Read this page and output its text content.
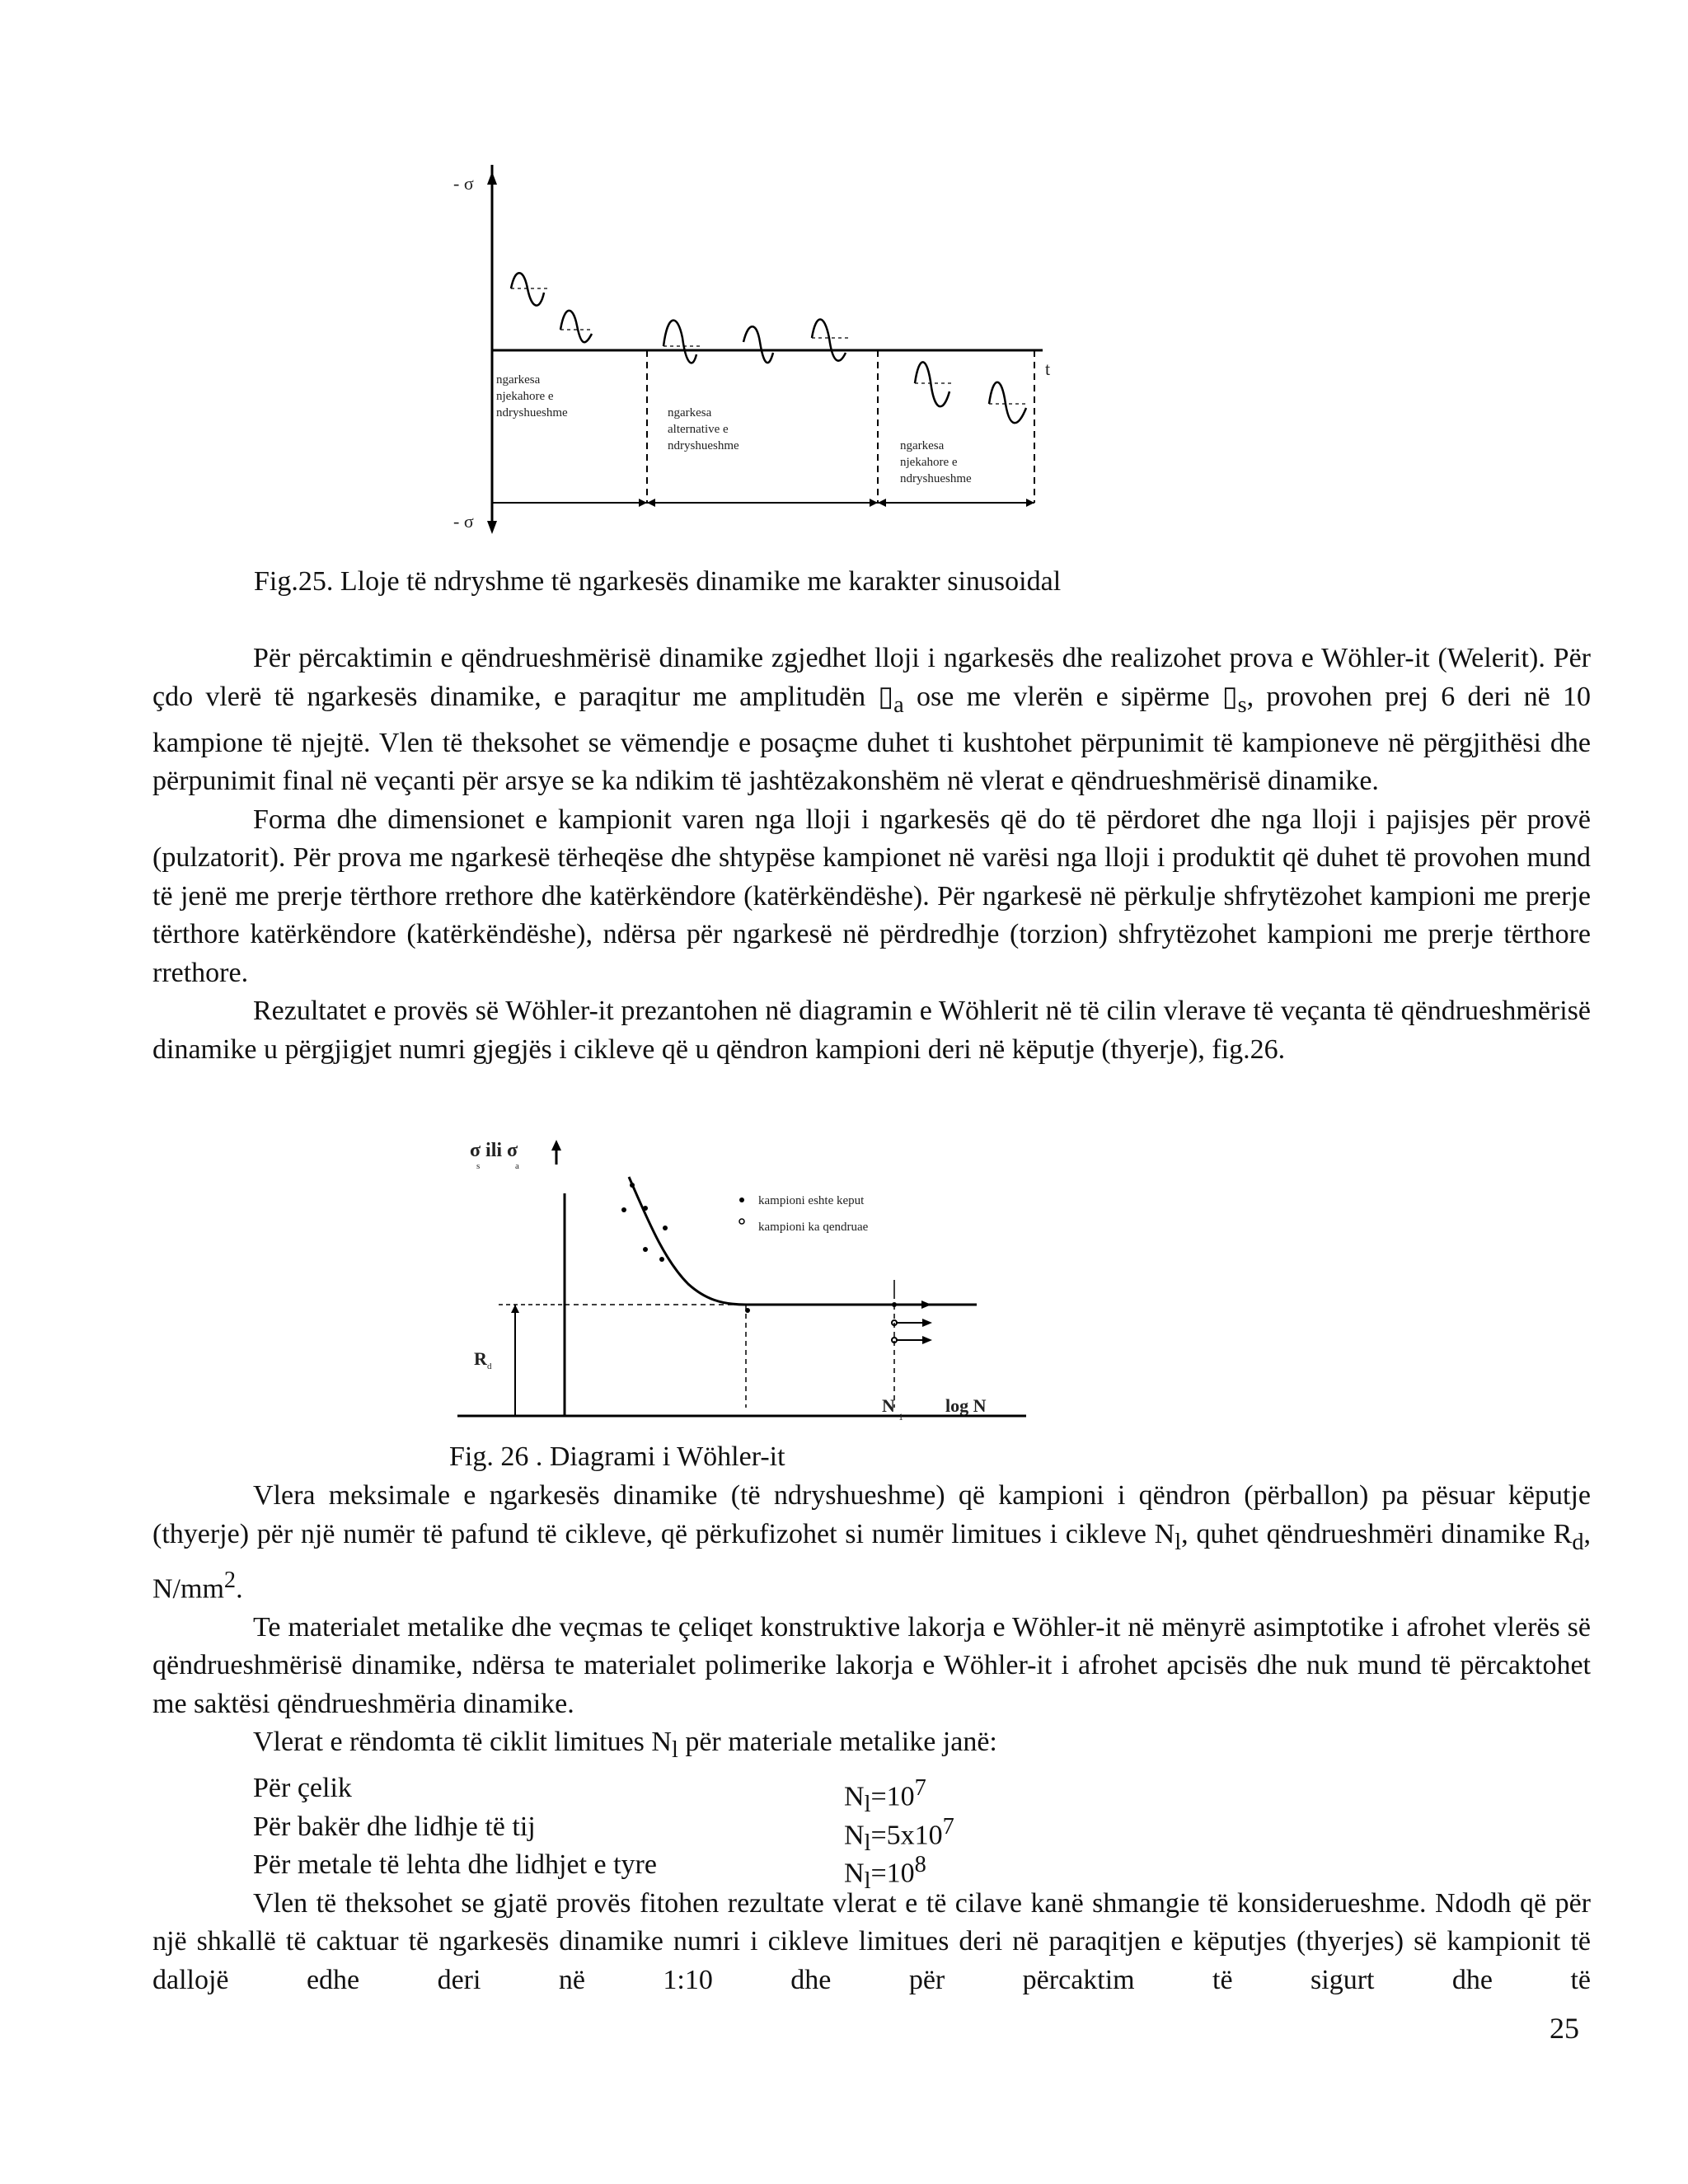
- σ
- σ
t
ngarkesa
njekahore e
ndryshueshme	ngarkesa
alternative e
ndryshueshme	ngarkesa
njekahore e
ndryshueshme
Fig.25. Lloje të ndryshme të ngarkesës dinamike me karakter sinusoidal

Për përcaktimin e qëndrueshmërisë dinamike zgjedhet lloji i ngarkesës dhe realizohet prova e Wöhler-it (Welerit). Për çdo vlerë të ngarkesës dinamike, e paraqitur me amplitudën $▯_a$ ose me vlerën e sipërme $▯_s$, provohen prej 6 deri në 10 kampione të njejtë. Vlen të theksohet se vëmendje e posaçme duhet ti kushtohet përpunimit të kampioneve në përgjithësi dhe përpunimit final në veçanti për arsye se ka ndikim të jashtëzakonshëm në vlerat e qëndrueshmërisë dinamike.

Forma dhe dimensionet e kampionit varen nga lloji i ngarkesës që do të përdoret dhe nga lloji i pajisjes për provë (pulzatorit). Për prova me ngarkesë tërheqëse dhe shtypëse kampionet në varësi nga lloji i produktit që duhet të provohen mund të jenë me prerje tërthore rrethore dhe katërkëndore (katërkëndëshe). Për ngarkesë në përkulje shfrytëzohet kampioni me prerje tërthore katërkëndore (katërkëndëshe), ndërsa për ngarkesë në përdredhje (torzion) shfrytëzohet kampioni me prerje tërthore rrethore.

Rezultatet e provës së Wöhler-it prezantohen në diagramin e Wöhlerit në të cilin vlerave të veçanta të qëndrueshmërisë dinamike u përgjigjet numri gjegjës i cikleve që u qëndron kampioni deri në këputje (thyerje), fig.26.

σ ili σ
s	a
R d
kampioni eshte keput
kampioni ka qendruae
N
1
log N
Fig. 26 . Diagrami i Wöhler-it

Vlera meksimale e ngarkesës dinamike (të ndryshueshme) që kampioni i qëndron (përballon) pa pësuar këputje (thyerje) për një numër të pafund të cikleve, që përkufizohet si numër limitues i cikleve $N_l$, quhet qëndrueshmëri dinamike $R_d$, $N/mm^2$.

Te materialet metalike dhe veçmas te çeliqet konstruktive lakorja e Wöhler-it në mënyrë asimptotike i afrohet vlerës së qëndrueshmërisë dinamike, ndërsa te materialet polimerike lakorja e Wöhler-it i afrohet apcisës dhe nuk mund të përcaktohet me saktësi qëndrueshmëria dinamike.

Vlerat e rëndomta të ciklit limitues $N_l$ për materiale metalike janë:

Për çelik	$N_l=10^7$
Për bakër dhe lidhje të tij	$N_l=5x10^7$
Për metale të lehta dhe lidhjet e tyre	$N_l=10^8$

Vlen të theksohet se gjatë provës fitohen rezultate vlerat e të cilave kanë shmangie të konsiderueshme. Ndodh që për një shkallë të caktuar të ngarkesës dinamike numri i cikleve limitues deri në paraqitjen e këputjes (thyerjes) së kampionit të dallojë edhe deri në 1:10 dhe për përcaktim të sigurt dhe të

25
